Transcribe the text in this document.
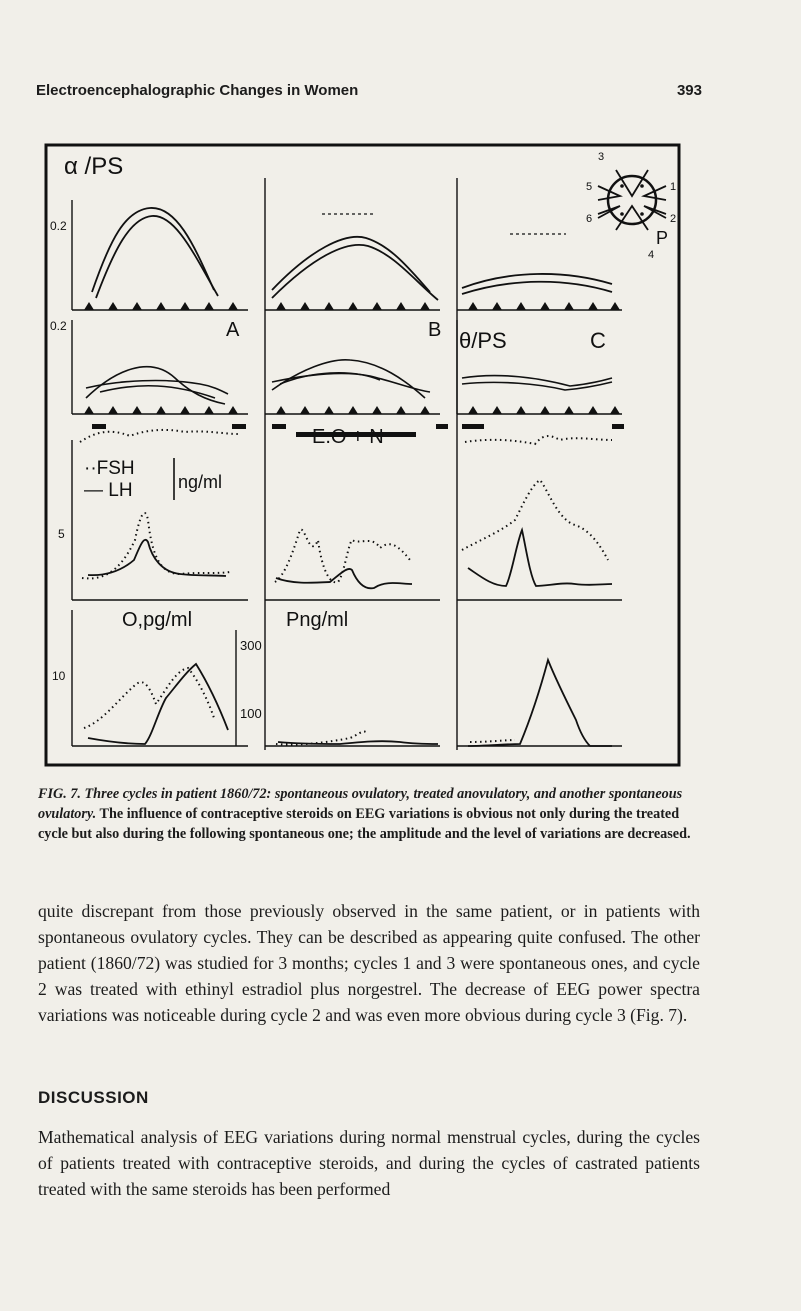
Electroencephalographic Changes in Women	393
α /PS
θ/PS
A	B	C
E.O + N
0.2
0.2
5
10
300
100
··FSH
— LH	ng/ml
O,pg/ml	Png/ml
3
5	1
6	2
4
P
FIG. 7. Three cycles in patient 1860/72: spontaneous ovulatory, treated anovulatory, and another spontaneous ovulatory. The influence of contraceptive steroids on EEG variations is obvious not only during the treated cycle but also during the following spontaneous one; the amplitude and the level of variations are decreased.

quite discrepant from those previously observed in the same patient, or in patients with spontaneous ovulatory cycles. They can be described as appearing quite confused. The other patient (1860/72) was studied for 3 months; cycles 1 and 3 were spontaneous ones, and cycle 2 was treated with ethinyl estradiol plus norgestrel. The decrease of EEG power spectra variations was noticeable during cycle 2 and was even more obvious during cycle 3 (Fig. 7).

DISCUSSION

Mathematical analysis of EEG variations during normal menstrual cycles, during the cycles of patients treated with contraceptive steroids, and during the cycles of castrated patients treated with the same steroids has been performed
